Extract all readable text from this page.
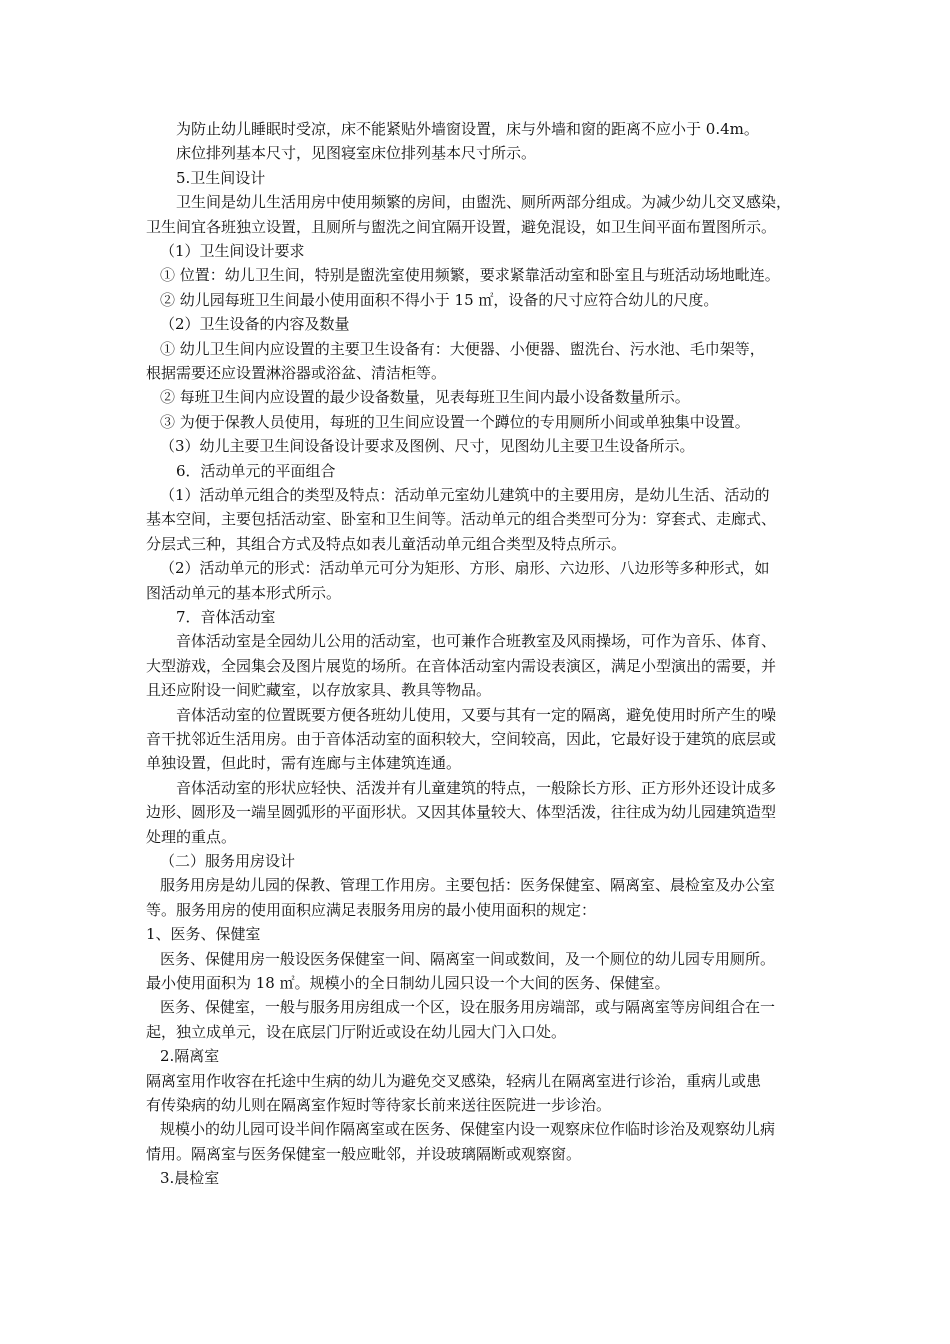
为防止幼儿睡眠时受凉，床不能紧贴外墙窗设置，床与外墙和窗的距离不应小于 0.4m。
床位排列基本尺寸，见图寝室床位排列基本尺寸所示。
5.卫生间设计
卫生间是幼儿生活用房中使用频繁的房间，由盥洗、厕所两部分组成。为减少幼儿交叉感染，
卫生间宜各班独立设置，且厕所与盥洗之间宜隔开设置，避免混设，如卫生间平面布置图所示。
（1）卫生间设计要求
① 位置：幼儿卫生间，特别是盥洗室使用频繁，要求紧靠活动室和卧室且与班活动场地毗连。
② 幼儿园每班卫生间最小使用面积不得小于 15 ㎡，设备的尺寸应符合幼儿的尺度。
（2）卫生设备的内容及数量
① 幼儿卫生间内应设置的主要卫生设备有：大便器、小便器、盥洗台、污水池、毛巾架等，
根据需要还应设置淋浴器或浴盆、清洁柜等。
② 每班卫生间内应设置的最少设备数量，见表每班卫生间内最小设备数量所示。
③ 为便于保教人员使用，每班的卫生间应设置一个蹲位的专用厕所小间或单独集中设置。
（3）幼儿主要卫生间设备设计要求及图例、尺寸，见图幼儿主要卫生设备所示。
6．活动单元的平面组合
（1）活动单元组合的类型及特点：活动单元室幼儿建筑中的主要用房，是幼儿生活、活动的
基本空间，主要包括活动室、卧室和卫生间等。活动单元的组合类型可分为：穿套式、走廊式、
分层式三种，其组合方式及特点如表儿童活动单元组合类型及特点所示。
（2）活动单元的形式：活动单元可分为矩形、方形、扇形、六边形、八边形等多种形式，如
图活动单元的基本形式所示。
7．音体活动室
音体活动室是全园幼儿公用的活动室，也可兼作合班教室及风雨操场，可作为音乐、体育、
大型游戏，全园集会及图片展览的场所。在音体活动室内需设表演区，满足小型演出的需要，并
且还应附设一间贮藏室，以存放家具、教具等物品。
音体活动室的位置既要方便各班幼儿使用，又要与其有一定的隔离，避免使用时所产生的噪
音干扰邻近生活用房。由于音体活动室的面积较大，空间较高，因此，它最好设于建筑的底层或
单独设置，但此时，需有连廊与主体建筑连通。
音体活动室的形状应轻快、活泼并有儿童建筑的特点，一般除长方形、正方形外还设计成多
边形、圆形及一端呈圆弧形的平面形状。又因其体量较大、体型活泼，往往成为幼儿园建筑造型
处理的重点。
（二）服务用房设计
服务用房是幼儿园的保教、管理工作用房。主要包括：医务保健室、隔离室、晨检室及办公室
等。服务用房的使用面积应满足表服务用房的最小使用面积的规定：
1、医务、保健室
医务、保健用房一般设医务保健室一间、隔离室一间或数间，及一个厕位的幼儿园专用厕所。
最小使用面积为 18 ㎡。规模小的全日制幼儿园只设一个大间的医务、保健室。
医务、保健室，一般与服务用房组成一个区，设在服务用房端部，或与隔离室等房间组合在一
起，独立成单元，设在底层门厅附近或设在幼儿园大门入口处。
2.隔离室
隔离室用作收容在托途中生病的幼儿为避免交叉感染，轻病儿在隔离室进行诊治，重病儿或患
有传染病的幼儿则在隔离室作短时等待家长前来送往医院进一步诊治。
规模小的幼儿园可设半间作隔离室或在医务、保健室内设一观察床位作临时诊治及观察幼儿病
情用。隔离室与医务保健室一般应毗邻，并设玻璃隔断或观察窗。
3.晨检室
